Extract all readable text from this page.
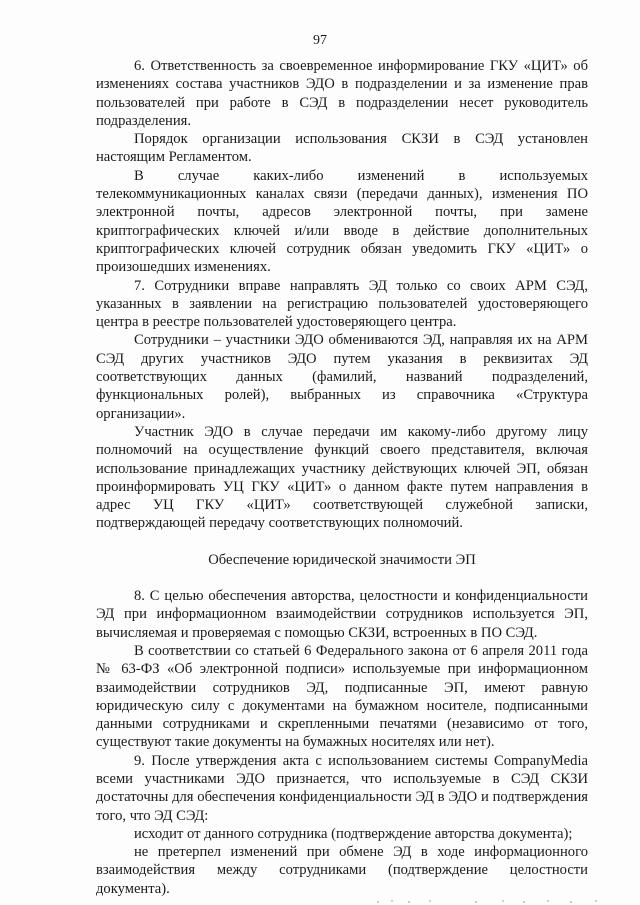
97

6. Ответственность за своевременное информирование ГКУ «ЦИТ» об изменениях состава участников ЭДО в подразделении и за изменение прав пользователей при работе в СЭД в подразделении несет руководитель подразделения.

Порядок организации использования СКЗИ в СЭД установлен настоящим Регламентом.

В случае каких-либо изменений в используемых телекоммуникационных каналах связи (передачи данных), изменения ПО электронной почты, адресов электронной почты, при замене криптографических ключей и/или вводе в действие дополнительных криптографических ключей сотрудник обязан уведомить ГКУ «ЦИТ» о произошедших изменениях.

7. Сотрудники вправе направлять ЭД только со своих АРМ СЭД, указанных в заявлении на регистрацию пользователей удостоверяющего центра в реестре пользователей удостоверяющего центра.

Сотрудники – участники ЭДО обмениваются ЭД, направляя их на АРМ СЭД других участников ЭДО путем указания в реквизитах ЭД соответствующих данных (фамилий, названий подразделений, функциональных ролей), выбранных из справочника «Структура организации».

Участник ЭДО в случае передачи им какому-либо другому лицу полномочий на осуществление функций своего представителя, включая использование принадлежащих участнику действующих ключей ЭП, обязан проинформировать УЦ ГКУ «ЦИТ» о данном факте путем направления в адрес УЦ ГКУ «ЦИТ» соответствующей служебной записки, подтверждающей передачу соответствующих полномочий.

Обеспечение юридической значимости ЭП

8. С целью обеспечения авторства, целостности и конфиденциальности ЭД при информационном взаимодействии сотрудников используется ЭП, вычисляемая и проверяемая с помощью СКЗИ, встроенных в ПО СЭД.

В соответствии со статьей 6 Федерального закона от 6 апреля 2011 года № 63-ФЗ «Об электронной подписи» используемые при информационном взаимодействии сотрудников ЭД, подписанные ЭП, имеют равную юридическую силу с документами на бумажном носителе, подписанными данными сотрудниками и скрепленными печатями (независимо от того, существуют такие документы на бумажных носителях или нет).

9. После утверждения акта с использованием системы CompanyMedia всеми участниками ЭДО признается, что используемые в СЭД СКЗИ достаточны для обеспечения конфиденциальности ЭД в ЭДО и подтверждения того, что ЭД СЭД:

исходит от данного сотрудника (подтверждение авторства документа);

не претерпел изменений при обмене ЭД в ходе информационного взаимодействия между сотрудниками (подтверждение целостности документа).
